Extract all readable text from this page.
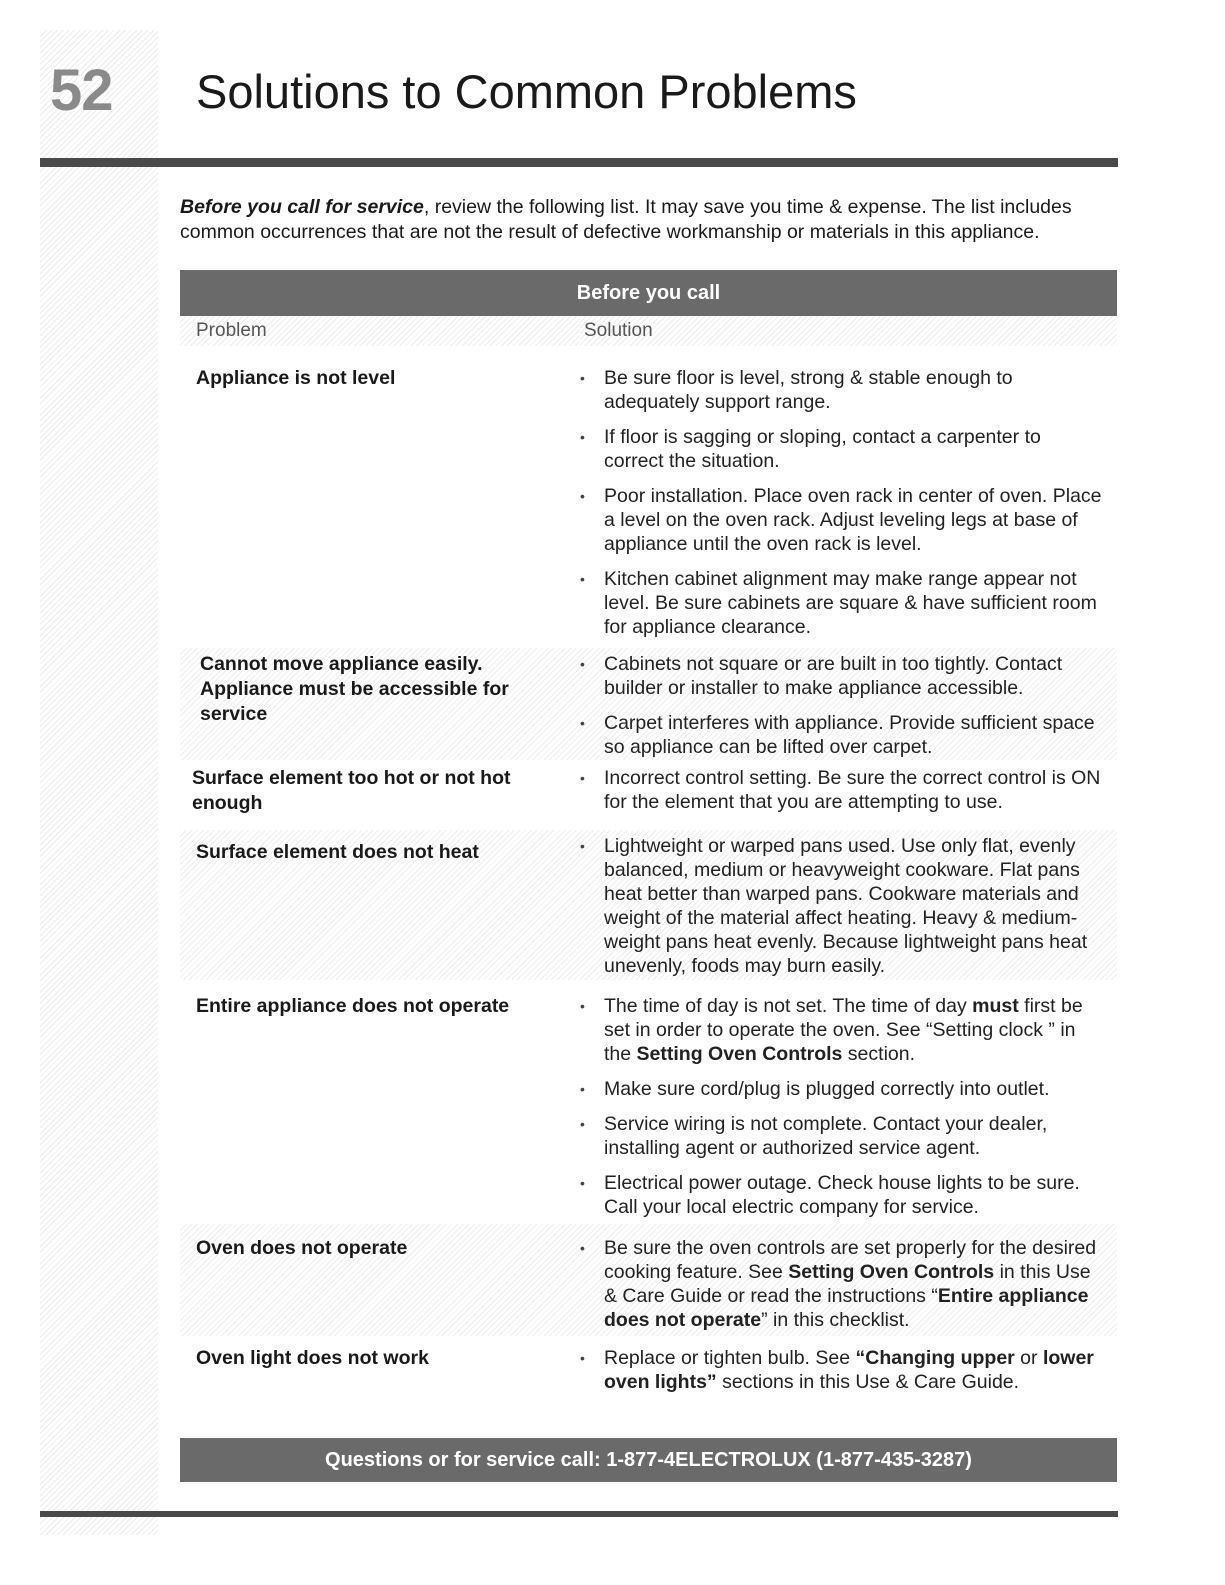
52 Solutions to Common Problems
Before you call for service, review the following list. It may save you time & expense. The list includes common occurrences that are not the result of defective workmanship or materials in this appliance.
Before you call
Problem	Solution
Appliance is not level	• Be sure floor is level, strong & stable enough to adequately support range.
• If floor is sagging or sloping, contact a carpenter to correct the situation.
• Poor installation. Place oven rack in center of oven. Place a level on the oven rack. Adjust leveling legs at base of appliance until the oven rack is level.
• Kitchen cabinet alignment may make range appear not level. Be sure cabinets are square & have sufficient room for appliance clearance.
Cannot move appliance easily. Appliance must be accessible for service
• Cabinets not square or are built in too tightly. Contact builder or installer to make appliance accessible.
• Carpet interferes with appliance. Provide sufficient space so appliance can be lifted over carpet.
Surface element too hot or not hot enough
• Incorrect control setting. Be sure the correct control is ON for the element that you are attempting to use.
Surface element does not heat	• Lightweight or warped pans used. Use only flat, evenly balanced, medium or heavyweight cookware. Flat pans heat better than warped pans. Cookware materials and weight of the material affect heating. Heavy & medium-weight pans heat evenly. Because lightweight pans heat unevenly, foods may burn easily.
Entire appliance does not operate	• The time of day is not set. The time of day must first be set in order to operate the oven. See “Setting clock ” in the Setting Oven Controls section.
• Make sure cord/plug is plugged correctly into outlet.
• Service wiring is not complete. Contact your dealer, installing agent or authorized service agent.
• Electrical power outage. Check house lights to be sure. Call your local electric company for service.
Oven does not operate	• Be sure the oven controls are set properly for the desired cooking feature. See Setting Oven Controls in this Use & Care Guide or read the instructions “Entire appliance does not operate” in this checklist.
Oven light does not work	• Replace or tighten bulb. See “Changing upper or lower oven lights” sections in this Use & Care Guide.
Questions or for service call: 1-877-4ELECTROLUX (1-877-435-3287)
